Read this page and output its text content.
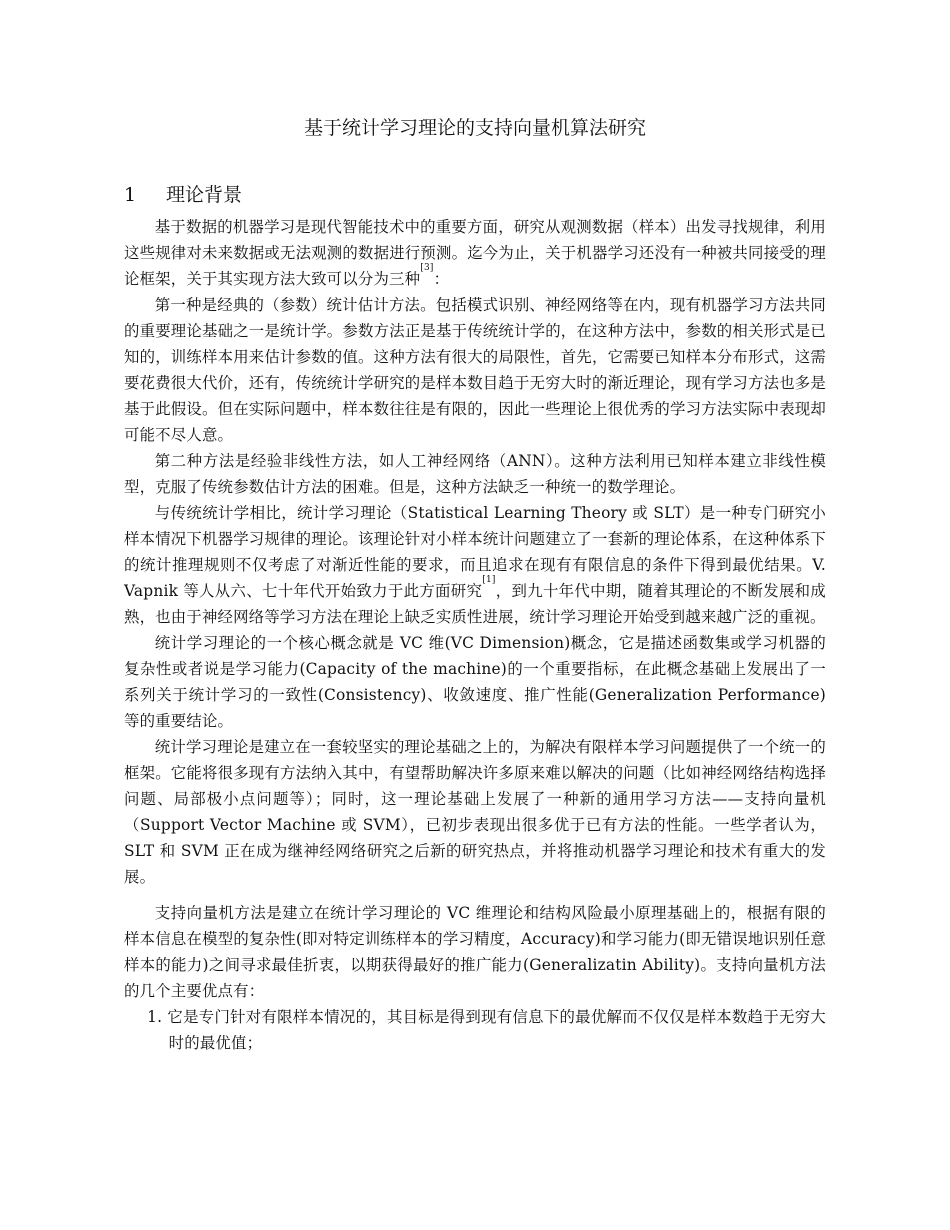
基于统计学习理论的支持向量机算法研究
1 理论背景

基于数据的机器学习是现代智能技术中的重要方面，研究从观测数据（样本）出发寻找规律，利用这些规律对未来数据或无法观测的数据进行预测。迄今为止，关于机器学习还没有一种被共同接受的理论框架，关于其实现方法大致可以分为三种[3]：

第一种是经典的（参数）统计估计方法。包括模式识别、神经网络等在内，现有机器学习方法共同的重要理论基础之一是统计学。参数方法正是基于传统统计学的，在这种方法中，参数的相关形式是已知的，训练样本用来估计参数的值。这种方法有很大的局限性，首先，它需要已知样本分布形式，这需要花费很大代价，还有，传统统计学研究的是样本数目趋于无穷大时的渐近理论，现有学习方法也多是基于此假设。但在实际问题中，样本数往往是有限的，因此一些理论上很优秀的学习方法实际中表现却可能不尽人意。

第二种方法是经验非线性方法，如人工神经网络（ANN）。这种方法利用已知样本建立非线性模型，克服了传统参数估计方法的困难。但是，这种方法缺乏一种统一的数学理论。

与传统统计学相比，统计学习理论（Statistical Learning Theory 或 SLT）是一种专门研究小样本情况下机器学习规律的理论。该理论针对小样本统计问题建立了一套新的理论体系，在这种体系下的统计推理规则不仅考虑了对渐近性能的要求，而且追求在现有有限信息的条件下得到最优结果。V. Vapnik 等人从六、七十年代开始致力于此方面研究[1]，到九十年代中期，随着其理论的不断发展和成熟，也由于神经网络等学习方法在理论上缺乏实质性进展，统计学习理论开始受到越来越广泛的重视。

统计学习理论的一个核心概念就是 VC 维(VC Dimension)概念，它是描述函数集或学习机器的复杂性或者说是学习能力(Capacity of the machine)的一个重要指标，在此概念基础上发展出了一系列关于统计学习的一致性(Consistency)、收敛速度、推广性能(Generalization Performance)等的重要结论。

统计学习理论是建立在一套较坚实的理论基础之上的，为解决有限样本学习问题提供了一个统一的框架。它能将很多现有方法纳入其中，有望帮助解决许多原来难以解决的问题（比如神经网络结构选择问题、局部极小点问题等）；同时，这一理论基础上发展了一种新的通用学习方法——支持向量机（Support Vector Machine 或 SVM），已初步表现出很多优于已有方法的性能。一些学者认为，SLT 和 SVM 正在成为继神经网络研究之后新的研究热点，并将推动机器学习理论和技术有重大的发展。

支持向量机方法是建立在统计学习理论的 VC 维理论和结构风险最小原理基础上的，根据有限的样本信息在模型的复杂性(即对特定训练样本的学习精度，Accuracy)和学习能力(即无错误地识别任意样本的能力)之间寻求最佳折衷，以期获得最好的推广能力(Generalizatin Ability)。支持向量机方法的几个主要优点有：

1. 它是专门针对有限样本情况的，其目标是得到现有信息下的最优解而不仅仅是样本数趋于无穷大时的最优值；
